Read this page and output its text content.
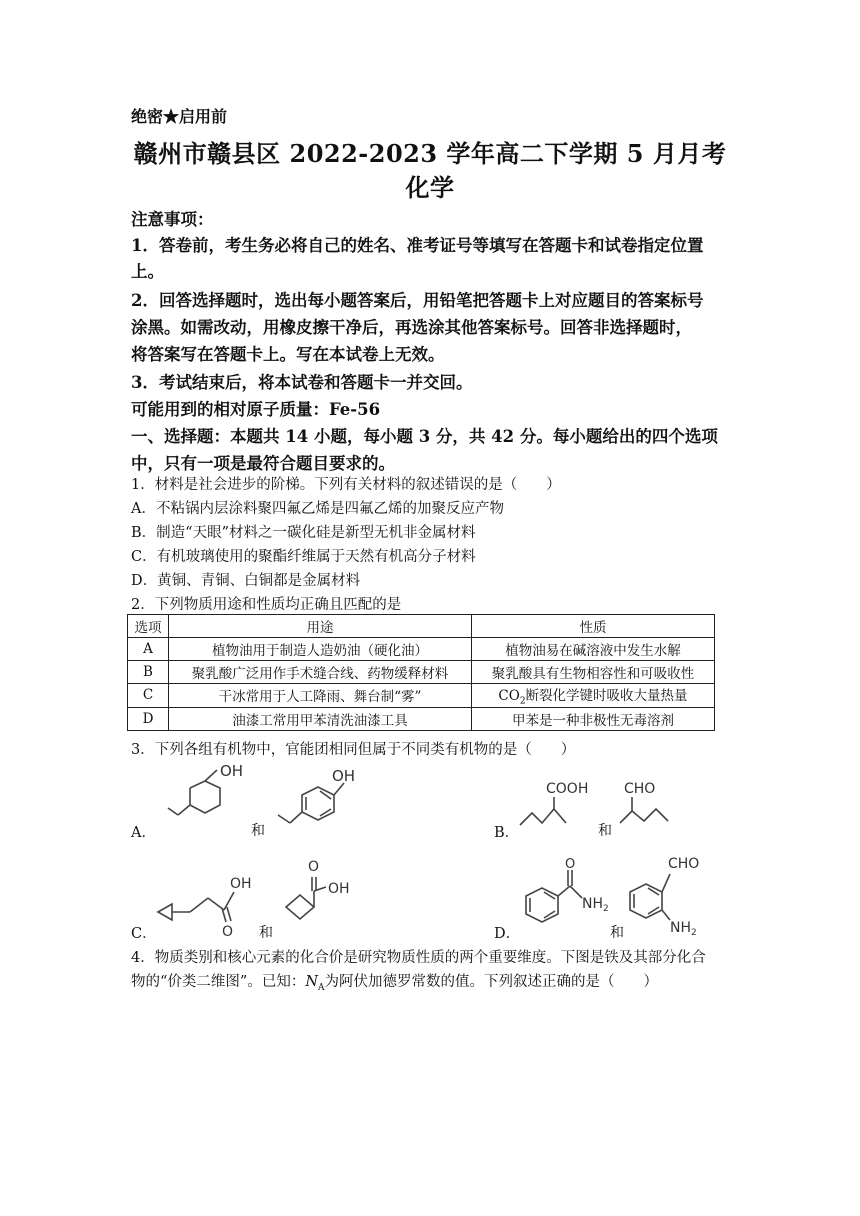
绝密★启用前
赣州市赣县区 2022-2023 学年高二下学期 5 月月考
化学
注意事项：
1．答卷前，考生务必将自己的姓名、准考证号等填写在答题卡和试卷指定位置
上。
2．回答选择题时，选出每小题答案后，用铅笔把答题卡上对应题目的答案标号
涂黑。如需改动，用橡皮擦干净后，再选涂其他答案标号。回答非选择题时，
将答案写在答题卡上。写在本试卷上无效。
3．考试结束后，将本试卷和答题卡一并交回。
可能用到的相对原子质量：Fe-56
一、选择题：本题共 14 小题，每小题 3 分，共 42 分。每小题给出的四个选项
中，只有一项是最符合题目要求的。
1．材料是社会进步的阶梯。下列有关材料的叙述错误的是（　　）
A．不粘锅内层涂料聚四氟乙烯是四氟乙烯的加聚反应产物
B．制造“天眼”材料之一碳化硅是新型无机非金属材料
C．有机玻璃使用的聚酯纤维属于天然有机高分子材料
D．黄铜、青铜、白铜都是金属材料
2．下列物质用途和性质均正确且匹配的是
选项	用途	性质
A	植物油用于制造人造奶油（硬化油）	植物油易在碱溶液中发生水解
B	聚乳酸广泛用作手术缝合线、药物缓释材料	聚乳酸具有生物相容性和可吸收性
C	干冰常用于人工降雨、舞台制“雾”	$CO_2$断裂化学键时吸收大量热量
D	油漆工常用甲苯清洗油漆工具	甲苯是一种非极性无毒溶剂
3．下列各组有机物中，官能团相同但属于不同类有机物的是（　　）
A．
OH
和
OH
B．
COOH
和
CHO
C．
OH
O 和
O
OH
D．
O
$NH_2$
和
CHO
$NH_2$
4．物质类别和核心元素的化合价是研究物质性质的两个重要维度。下图是铁及其部分化合
物的“价类二维图”。已知：$N_A$为阿伏加德罗常数的值。下列叙述正确的是（　　）
